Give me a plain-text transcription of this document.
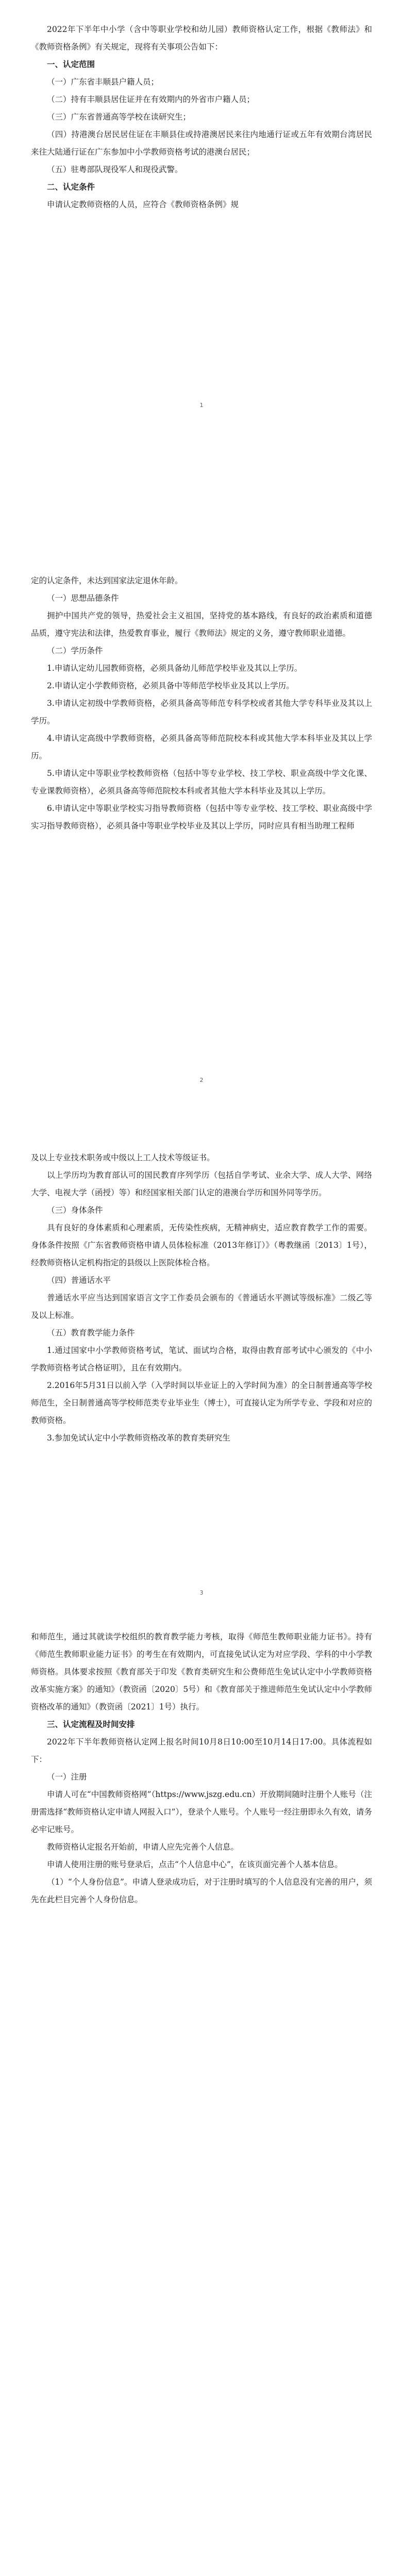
2022年下半年中小学（含中等职业学校和幼儿园）教师资格认定工作，根据《教师法》和《教师资格条例》有关规定，现将有关事项公告如下：

一、认定范围

（一）广东省丰顺县户籍人员；

（二）持有丰顺县居住证并在有效期内的外省市户籍人员；

（三）广东省普通高等学校在读研究生；

（四）持港澳台居民居住证在丰顺县住或持港澳居民来往内地通行证或五年有效期台湾居民来往大陆通行证在广东参加中小学教师资格考试的港澳台居民；

（五）驻粤部队现役军人和现役武警。

二、认定条件

申请认定教师资格的人员，应符合《教师资格条例》规

1

定的认定条件，未达到国家法定退休年龄。

（一）思想品德条件

拥护中国共产党的领导，热爱社会主义祖国，坚持党的基本路线，有良好的政治素质和道德品质，遵守宪法和法律，热爱教育事业，履行《教师法》规定的义务，遵守教师职业道德。

（二）学历条件

1.申请认定幼儿园教师资格，必须具备幼儿师范学校毕业及其以上学历。

2.申请认定小学教师资格，必须具备中等师范学校毕业及其以上学历。

3.申请认定初级中学教师资格，必须具备高等师范专科学校或者其他大学专科毕业及其以上学历。

4.申请认定高级中学教师资格，必须具备高等师范院校本科或其他大学本科毕业及其以上学历。

5.申请认定中等职业学校教师资格（包括中等专业学校、技工学校、职业高级中学文化课、专业课教师资格），必须具备高等师范院校本科或者其他大学本科毕业及其以上学历。

6.申请认定中等职业学校实习指导教师资格（包括中等专业学校、技工学校、职业高级中学实习指导教师资格），必须具备中等职业学校毕业及其以上学历，同时应具有相当助理工程师

2

及以上专业技术职务或中级以上工人技术等级证书。

以上学历均为教育部认可的国民教育序列学历（包括自学考试、业余大学、成人大学、网络大学、电视大学（函授）等）和经国家相关部门认定的港澳台学历和国外同等学历。

（三）身体条件

具有良好的身体素质和心理素质，无传染性疾病，无精神病史，适应教育教学工作的需要。身体条件按照《广东省教师资格申请人员体检标准（2013年修订）》（粤教继函〔2013〕1号），经教师资格认定机构指定的县级以上医院体检合格。

（四）普通话水平

普通话水平应当达到国家语言文字工作委员会颁布的《普通话水平测试等级标准》二级乙等及以上标准。

（五）教育教学能力条件

1.通过国家中小学教师资格考试，笔试、面试均合格，取得由教育部考试中心颁发的《中小学教师资格考试合格证明》，且在有效期内。

2.2016年5月31日以前入学（入学时间以毕业证上的入学时间为准）的全日制普通高等学校师范生，全日制普通高等学校师范类专业毕业生（博士），可直接认定为所学专业、学段和对应的教师资格。

3.参加免试认定中小学教师资格改革的教育类研究生

3

和师范生，通过其就读学校组织的教育教学能力考核，取得《师范生教师职业能力证书》。持有《师范生教师职业能力证书》的考生在有效期内，可直接免试认定为对应学段、学科的中小学教师资格。具体要求按照《教育部关于印发《教育类研究生和公费师范生免试认定中小学教师资格改革实施方案》的通知》（教资函〔2020〕5号）和《教育部关于推进师范生免试认定中小学教师资格改革的通知》（教资函〔2021〕1号）执行。

三、认定流程及时间安排

2022年下半年教师资格认定网上报名时间10月8日10:00至10月14日17:00。具体流程如下：

（一）注册

申请人可在“中国教师资格网”（https://www.jszg.edu.cn）开放期间随时注册个人账号（注册需选择“教师资格认定申请人网报入口”），登录个人账号。个人账号一经注册即永久有效，请务必牢记账号。

教师资格认定报名开始前，申请人应先完善个人信息。

申请人使用注册的账号登录后，点击“个人信息中心”，在该页面完善个人基本信息。

（1）“个人身份信息”。申请人登录成功后，对于注册时填写的个人信息没有完善的用户，须先在此栏目完善个人身份信息。
